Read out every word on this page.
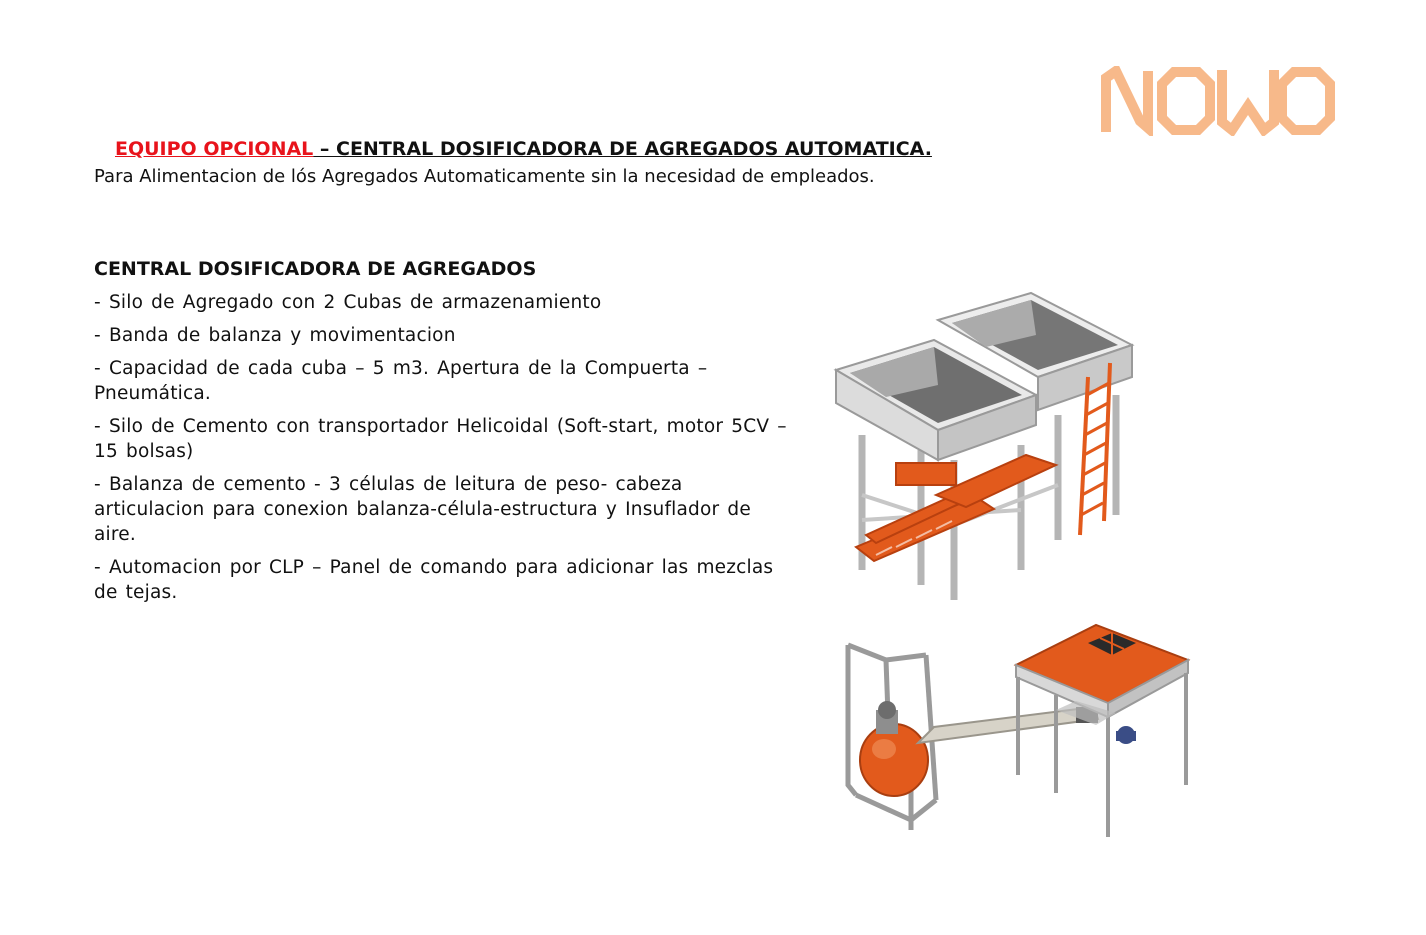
NOWO
EQUIPO OPCIONAL – CENTRAL DOSIFICADORA DE AGREGADOS AUTOMATICA.
Para Alimentacion de lós Agregados Automaticamente sin la necesidad de empleados.
CENTRAL DOSIFICADORA DE AGREGADOS
- Silo de Agregado con 2 Cubas de armazenamiento
- Banda de balanza y movimentacion
- Capacidad de cada cuba – 5 m3. Apertura de la Compuerta – Pneumática.
- Silo de Cemento con transportador Helicoidal (Soft-start, motor 5CV – 15 bolsas)
- Balanza de cemento - 3 células de leitura de peso- cabeza articulacion para conexion balanza-célula-estructura y Insuflador de aire.
- Automacion por CLP – Panel de comando para adicionar las mezclas de tejas.
